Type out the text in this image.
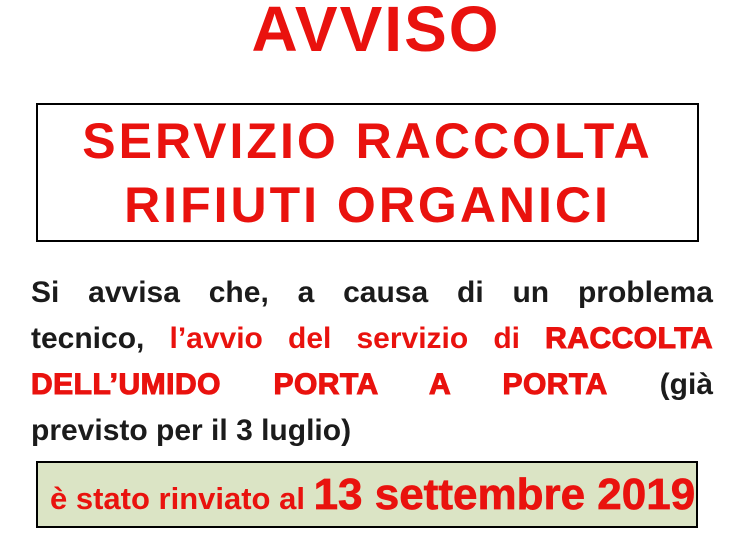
AVVISO
SERVIZIO RACCOLTA
RIFIUTI ORGANICI
Si avvisa che, a causa di un problema
tecnico, l’avvio del servizio di RACCOLTA
DELL’UMIDO PORTA A PORTA (già
previsto per il 3 luglio)
è stato rinviato al 13 settembre 2019
